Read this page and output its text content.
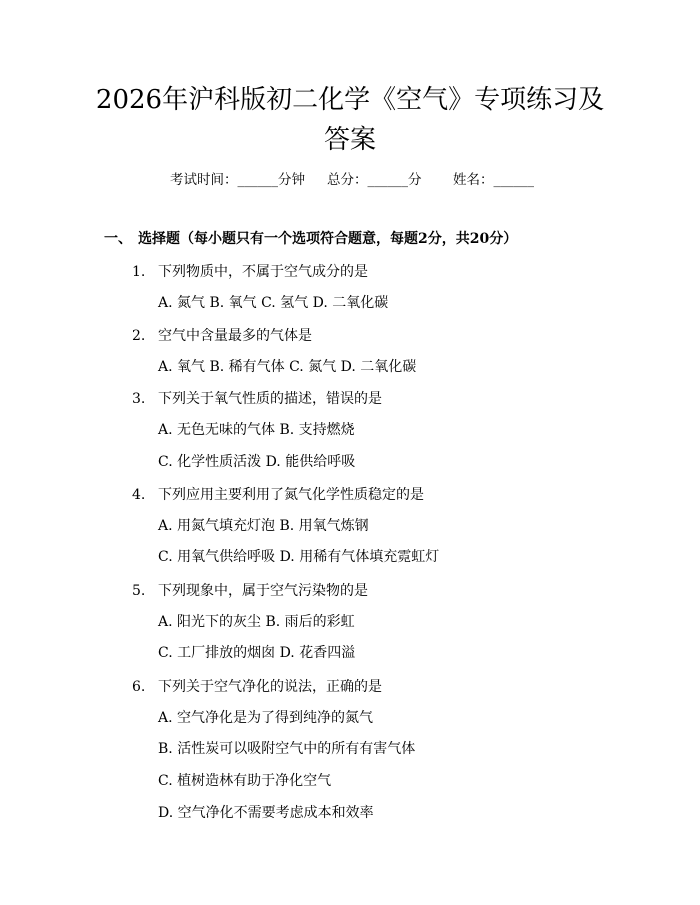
2026年沪科版初二化学《空气》专项练习及
答案
考试时间：______分钟 总分：______分 姓名：______
一、 选择题（每小题只有一个选项符合题意，每题2分，共20分）
1. 下列物质中，不属于空气成分的是
A. 氮气 B. 氧气 C. 氢气 D. 二氧化碳
2. 空气中含量最多的气体是
A. 氧气 B. 稀有气体 C. 氮气 D. 二氧化碳
3. 下列关于氧气性质的描述，错误的是
A. 无色无味的气体 B. 支持燃烧
C. 化学性质活泼 D. 能供给呼吸
4. 下列应用主要利用了氮气化学性质稳定的是
A. 用氮气填充灯泡 B. 用氧气炼钢
C. 用氧气供给呼吸 D. 用稀有气体填充霓虹灯
5. 下列现象中，属于空气污染物的是
A. 阳光下的灰尘 B. 雨后的彩虹
C. 工厂排放的烟囱 D. 花香四溢
6. 下列关于空气净化的说法，正确的是
A. 空气净化是为了得到纯净的氮气
B. 活性炭可以吸附空气中的所有有害气体
C. 植树造林有助于净化空气
D. 空气净化不需要考虑成本和效率
